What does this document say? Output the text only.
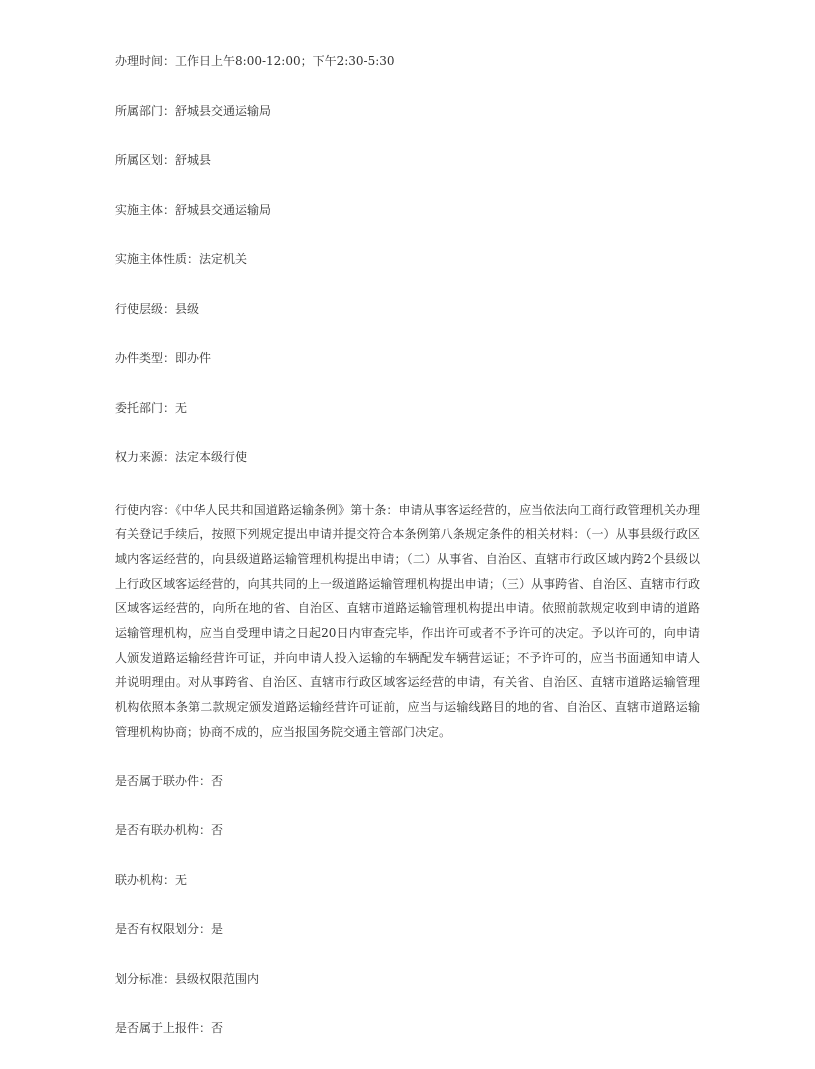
办理时间：工作日上午8:00-12:00；下午2:30-5:30
所属部门：舒城县交通运输局
所属区划：舒城县
实施主体：舒城县交通运输局
实施主体性质：法定机关
行使层级：县级
办件类型：即办件
委托部门：无
权力来源：法定本级行使
行使内容：《中华人民共和国道路运输条例》第十条：申请从事客运经营的，应当依法向工商行政管理机关办理有关登记手续后，按照下列规定提出申请并提交符合本条例第八条规定条件的相关材料：（一）从事县级行政区域内客运经营的，向县级道路运输管理机构提出申请；（二）从事省、自治区、直辖市行政区域内跨2个县级以上行政区域客运经营的，向其共同的上一级道路运输管理机构提出申请；（三）从事跨省、自治区、直辖市行政区域客运经营的，向所在地的省、自治区、直辖市道路运输管理机构提出申请。依照前款规定收到申请的道路运输管理机构，应当自受理申请之日起20日内审查完毕，作出许可或者不予许可的决定。予以许可的，向申请人颁发道路运输经营许可证，并向申请人投入运输的车辆配发车辆营运证；不予许可的，应当书面通知申请人并说明理由。对从事跨省、自治区、直辖市行政区域客运经营的申请，有关省、自治区、直辖市道路运输管理机构依照本条第二款规定颁发道路运输经营许可证前，应当与运输线路目的地的省、自治区、直辖市道路运输管理机构协商；协商不成的，应当报国务院交通主管部门决定。
是否属于联办件：否
是否有联办机构：否
联办机构：无
是否有权限划分：是
划分标准：县级权限范围内
是否属于上报件：否
